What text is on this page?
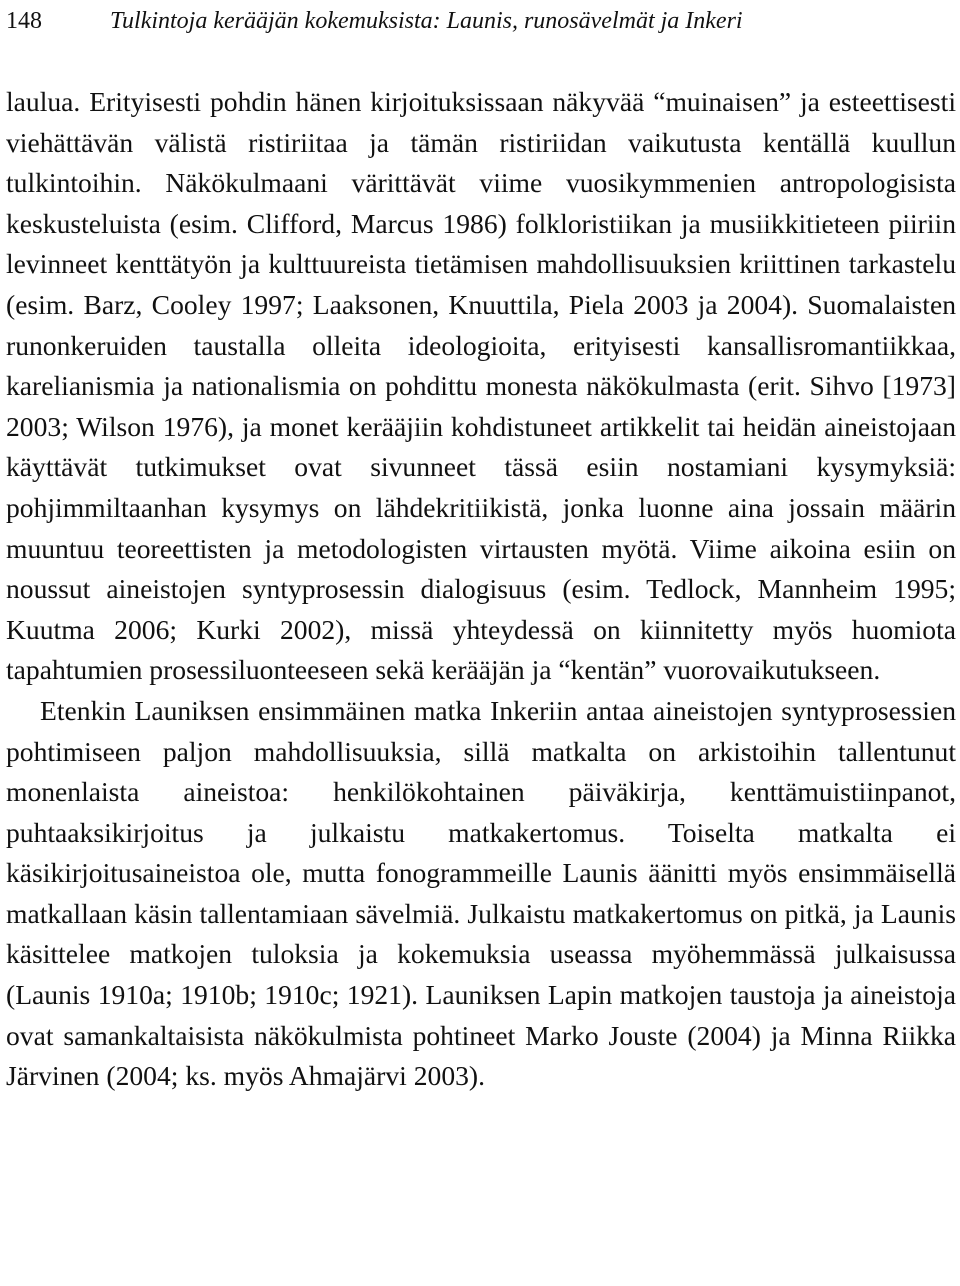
148	Tulkintoja kerääjän kokemuksista: Launis, runosävelmät ja Inkeri

laulua. Erityisesti pohdin hänen kirjoituksissaan näkyvää “muinaisen” ja esteettisesti viehättävän välistä ristiriitaa ja tämän ristiriidan vaikutusta kentällä kuullun tulkintoihin. Näkökulmaani värittävät viime vuosikymmenien antropologisista keskusteluista (esim. Clifford, Marcus 1986) folkloristiikan ja musiikkitieteen piiriin levinneet kenttätyön ja kulttuureista tietämisen mahdollisuuksien kriittinen tarkastelu (esim. Barz, Cooley 1997; Laaksonen, Knuuttila, Piela 2003 ja 2004). Suomalaisten runonkeruiden taustalla olleita ideologioita, erityisesti kansallisromantiikkaa, karelianismia ja nationalismia on pohdittu monesta näkökulmasta (erit. Sihvo [1973] 2003; Wilson 1976), ja monet kerääjiin kohdistuneet artikkelit tai heidän aineistojaan käyttävät tutkimukset ovat sivunneet tässä esiin nostamiani kysymyksiä: pohjimmiltaanhan kysymys on lähdekritiikistä, jonka luonne aina jossain määrin muuntuu teoreettisten ja metodologisten virtausten myötä. Viime aikoina esiin on noussut aineistojen syntyprosessin dialogisuus (esim. Tedlock, Mannheim 1995; Kuutma 2006; Kurki 2002), missä yhteydessä on kiinnitetty myös huomiota tapahtumien prosessiluonteeseen sekä kerääjän ja “kentän” vuorovaikutukseen.

Etenkin Launiksen ensimmäinen matka Inkeriin antaa aineistojen syntyprosessien pohtimiseen paljon mahdollisuuksia, sillä matkalta on arkistoihin tallentunut monenlaista aineistoa: henkilökohtainen päiväkirja, kenttämuistiinpanot, puhtaaksikirjoitus ja julkaistu matkakertomus. Toiselta matkalta ei käsikirjoitusaineistoa ole, mutta fonogrammeille Launis äänitti myös ensimmäisellä matkallaan käsin tallentamiaan sävelmiä. Julkaistu matkakertomus on pitkä, ja Launis käsittelee matkojen tuloksia ja kokemuksia useassa myöhemmässä julkaisussa (Launis 1910a; 1910b; 1910c; 1921). Launiksen Lapin matkojen taustoja ja aineistoja ovat samankaltaisista näkökulmista pohtineet Marko Jouste (2004) ja Minna Riikka Järvinen (2004; ks. myös Ahmajärvi 2003).
